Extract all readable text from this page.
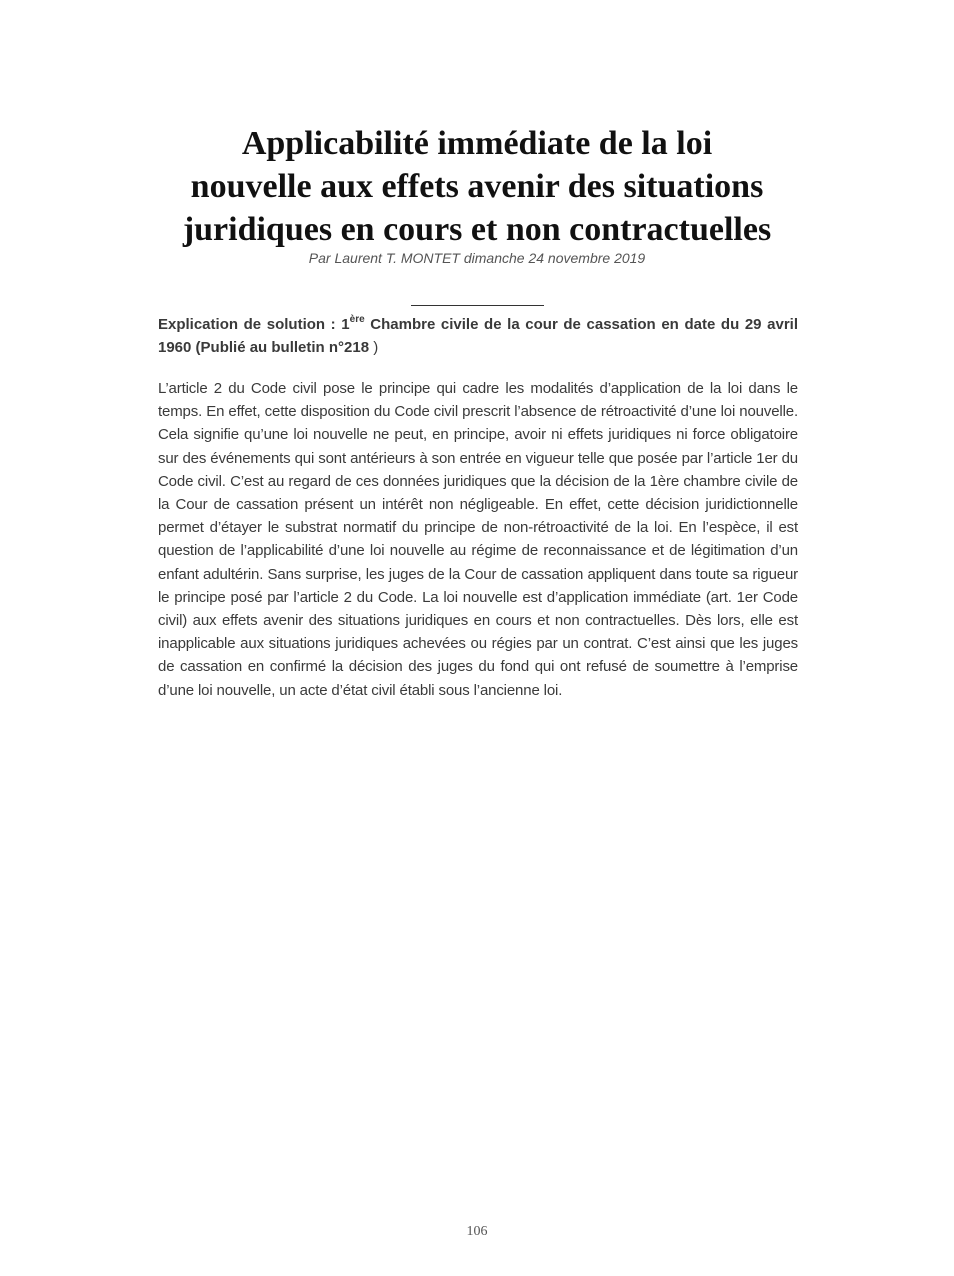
Applicabilité immédiate de la loi
nouvelle aux effets avenir des situations
juridiques en cours et non contractuelles
Par Laurent T. MONTET dimanche 24 novembre 2019

Explication de solution : 1ère Chambre civile de la cour de cassation en date du 29 avril 1960 (Publié au bulletin n°218 )

L’article 2 du Code civil pose le principe qui cadre les modalités d’application de la loi dans le temps. En effet, cette disposition du Code civil prescrit l’absence de rétroactivité d’une loi nouvelle. Cela signifie qu’une loi nouvelle ne peut, en principe, avoir ni effets juridiques ni force obligatoire sur des événements qui sont antérieurs à son entrée en vigueur telle que posée par l’article 1er du Code civil. C’est au regard de ces données juridiques que la décision de la 1ère chambre civile de la Cour de cassation présent un intérêt non négligeable. En effet, cette décision juridictionnelle permet d’étayer le substrat normatif du principe de non-rétroactivité de la loi. En l’espèce, il est question de l’applicabilité d’une loi nouvelle au régime de reconnaissance et de légitimation d’un enfant adultérin. Sans surprise, les juges de la Cour de cassation appliquent dans toute sa rigueur le principe posé par l’article 2 du Code. La loi nouvelle est d’application immédiate (art. 1er Code civil) aux effets avenir des situations juridiques en cours et non contractuelles. Dès lors, elle est inapplicable aux situations juridiques achevées ou régies par un contrat. C’est ainsi que les juges de cassation en confirmé la décision des juges du fond qui ont refusé de soumettre à l’emprise d’une loi nouvelle, un acte d’état civil établi sous l’ancienne loi.

106
